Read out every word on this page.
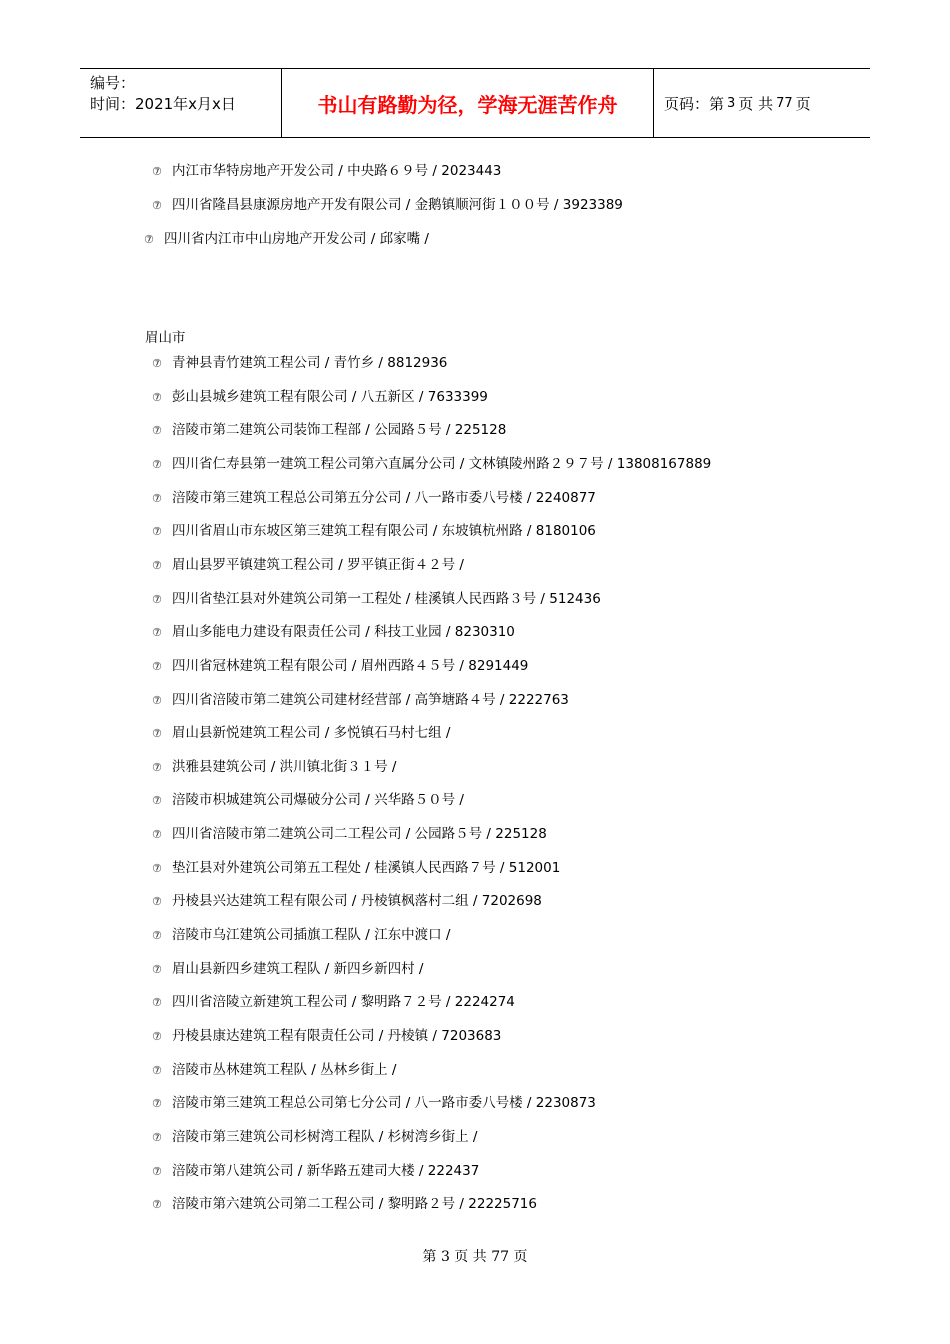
编号：
时间：2021年x月x日	书山有路勤为径，学海无涯苦作舟	页码：第 3 页 共 77 页
眉山市
⑦ 内江市华特房地产开发公司 / 中央路６９号 / 2023443
⑦ 四川省隆昌县康源房地产开发有限公司 / 金鹅镇顺河街１００号 / 3923389
⑦ 四川省内江市中山房地产开发公司 / 邱家嘴 /
⑦ 青神县青竹建筑工程公司 / 青竹乡 / 8812936
⑦ 彭山县城乡建筑工程有限公司 / 八五新区 / 7633399
⑦ 涪陵市第二建筑公司装饰工程部 / 公园路５号 / 225128
⑦ 四川省仁寿县第一建筑工程公司第六直属分公司 / 文林镇陵州路２９７号 / 13808167889
⑦ 涪陵市第三建筑工程总公司第五分公司 / 八一路市委八号楼 / 2240877
⑦ 四川省眉山市东坡区第三建筑工程有限公司 / 东坡镇杭州路 / 8180106
⑦ 眉山县罗平镇建筑工程公司 / 罗平镇正街４２号 /
⑦ 四川省垫江县对外建筑公司第一工程处 / 桂溪镇人民西路３号 / 512436
⑦ 眉山多能电力建设有限责任公司 / 科技工业园 / 8230310
⑦ 四川省冠林建筑工程有限公司 / 眉州西路４５号 / 8291449
⑦ 四川省涪陵市第二建筑公司建材经营部 / 高笋塘路４号 / 2222763
⑦ 眉山县新悦建筑工程公司 / 多悦镇石马村七组 /
⑦ 洪雅县建筑公司 / 洪川镇北街３１号 /
⑦ 涪陵市枳城建筑公司爆破分公司 / 兴华路５０号 /
⑦ 四川省涪陵市第二建筑公司二工程公司 / 公园路５号 / 225128
⑦ 垫江县对外建筑公司第五工程处 / 桂溪镇人民西路７号 / 512001
⑦ 丹棱县兴达建筑工程有限公司 / 丹棱镇枫落村二组 / 7202698
⑦ 涪陵市乌江建筑公司插旗工程队 / 江东中渡口 /
⑦ 眉山县新四乡建筑工程队 / 新四乡新四村 /
⑦ 四川省涪陵立新建筑工程公司 / 黎明路７２号 / 2224274
⑦ 丹棱县康达建筑工程有限责任公司 / 丹棱镇 / 7203683
⑦ 涪陵市丛林建筑工程队 / 丛林乡街上 /
⑦ 涪陵市第三建筑工程总公司第七分公司 / 八一路市委八号楼 / 2230873
⑦ 涪陵市第三建筑公司杉树湾工程队 / 杉树湾乡街上 /
⑦ 涪陵市第八建筑公司 / 新华路五建司大楼 / 222437
⑦ 涪陵市第六建筑公司第二工程公司 / 黎明路２号 / 22225716
第 3 页 共 77 页
